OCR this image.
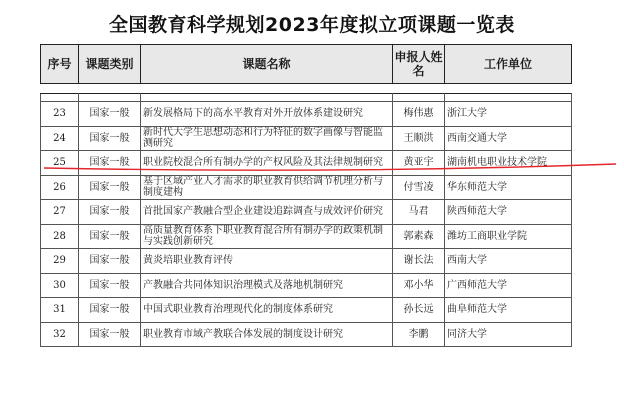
全国教育科学规划2023年度拟立项课题一览表
序号	课题类别	课题名称	申报人姓名	工作单位

23	国家一般	新发展格局下的高水平教育对外开放体系建设研究	梅伟惠	浙江大学
24	国家一般	新时代大学生思想动态和行为特征的数字画像与智能监测研究	王顺洪	西南交通大学
25	国家一般	职业院校混合所有制办学的产权风险及其法律规制研究	黄亚宇	湖南机电职业技术学院
26	国家一般	基于区域产业人才需求的职业教育供给调节机理分析与制度建构	付雪凌	华东师范大学
27	国家一般	首批国家产教融合型企业建设追踪调查与成效评价研究	马君	陕西师范大学
28	国家一般	高质量教育体系下职业教育混合所有制办学的政策机制与实践创新研究	郭素森	潍坊工商职业学院
29	国家一般	黄炎培职业教育评传	谢长法	西南大学
30	国家一般	产教融合共同体知识治理模式及落地机制研究	邓小华	广西师范大学
31	国家一般	中国式职业教育治理现代化的制度体系研究	孙长远	曲阜师范大学
32	国家一般	职业教育市域产教联合体发展的制度设计研究	李鹏	同济大学
